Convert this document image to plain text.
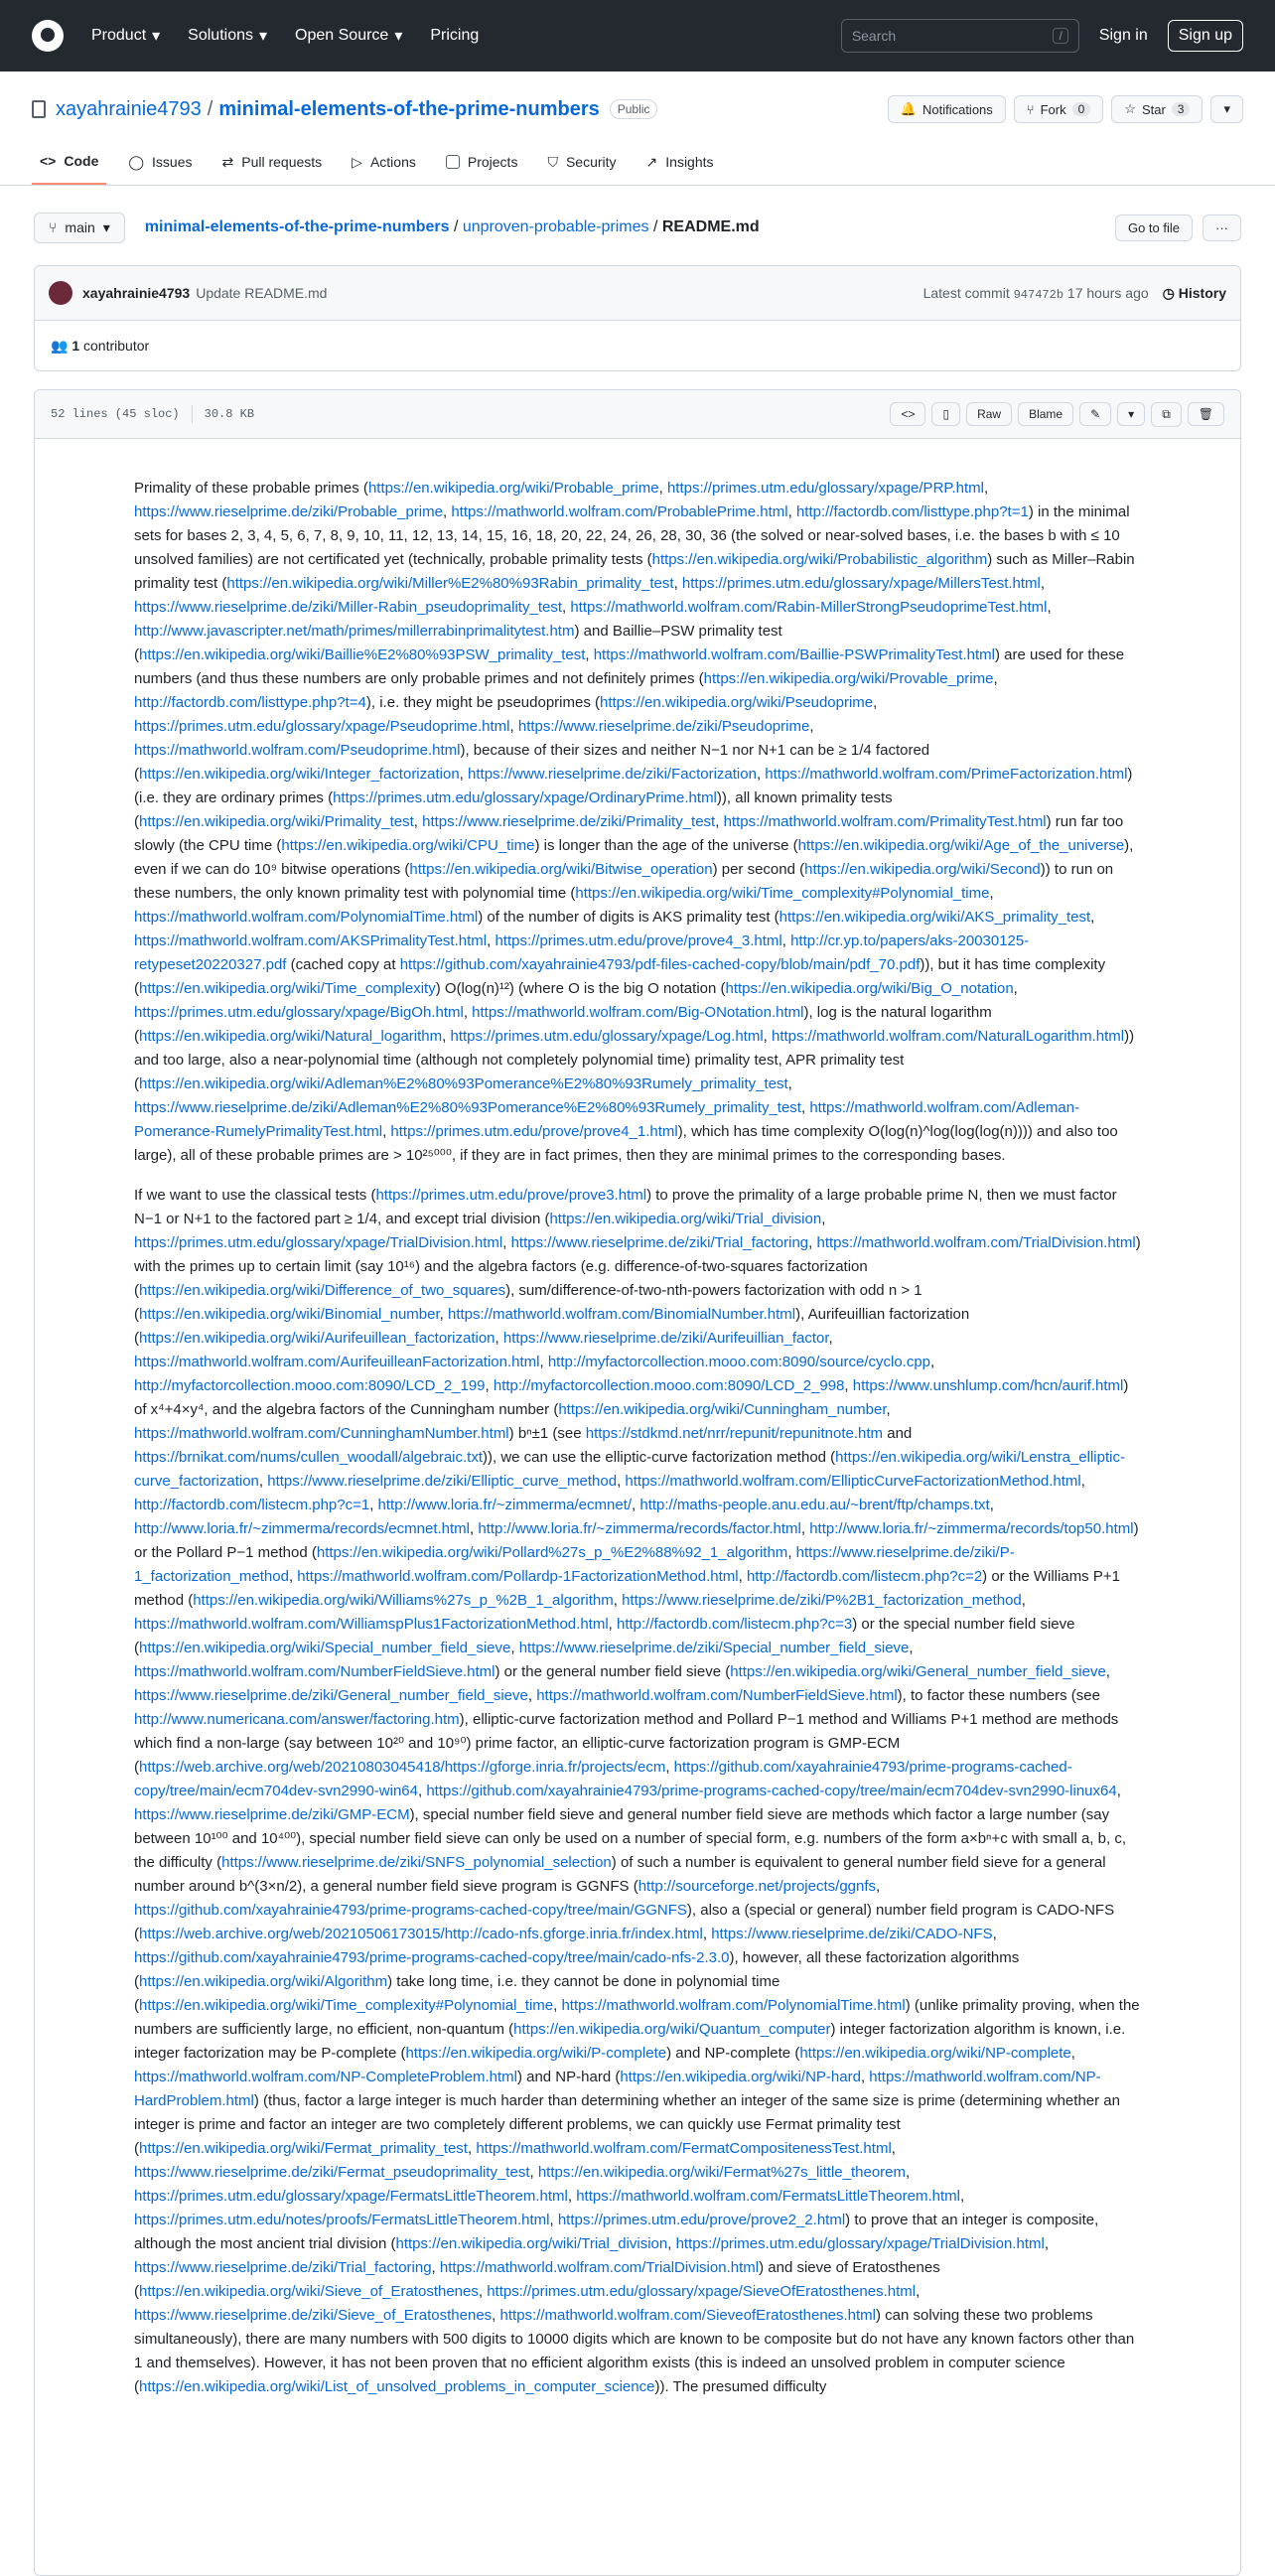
Product ▾ Solutions ▾ Open Source ▾ Pricing	Search	/	Sign in	Sign up
xayahrainie4793 / minimal-elements-of-the-prime-numbers	Public	🔔 Notifications	⑂ Fork	0	☆ Star	3	▾
<> Code ◯ Issues ⇄ Pull requests ▷ Actions	Projects ⛉ Security ↗ Insights
⑂ main ▾ minimal-elements-of-the-prime-numbers / unproven-probable-primes / README.md	Go to file	···
xayahrainie4793 Update README.md	Latest commit 947472b 17 hours ago ◷ History
👥
1
contributor
52 lines (45 sloc) 30.8 KB	<>	▯	Raw	Blame	✎	▾	⧉	🗑

Primality of these probable primes (https://en.wikipedia.org/wiki/Probable_prime, https://primes.utm.edu/glossary/xpage/PRP.html, https://www.rieselprime.de/ziki/Probable_prime, https://mathworld.wolfram.com/ProbablePrime.html, http://factordb.com/listtype.php?t=1) in the minimal sets for bases 2, 3, 4, 5, 6, 7, 8, 9, 10, 11, 12, 13, 14, 15, 16, 18, 20, 22, 24, 26, 28, 30, 36 (the solved or near-solved bases, i.e. the bases b with ≤ 10 unsolved families) are not certificated yet (technically, probable primality tests (https://en.wikipedia.org/wiki/Probabilistic_algorithm) such as Miller–Rabin primality test (https://en.wikipedia.org/wiki/Miller%E2%80%93Rabin_primality_test, https://primes.utm.edu/glossary/xpage/MillersTest.html, https://www.rieselprime.de/ziki/Miller-Rabin_pseudoprimality_test, https://mathworld.wolfram.com/Rabin-MillerStrongPseudoprimeTest.html, http://www.javascripter.net/math/primes/millerrabinprimalitytest.htm) and Baillie–PSW primality test (https://en.wikipedia.org/wiki/Baillie%E2%80%93PSW_primality_test, https://mathworld.wolfram.com/Baillie-PSWPrimalityTest.html) are used for these numbers (and thus these numbers are only probable primes and not definitely primes (https://en.wikipedia.org/wiki/Provable_prime, http://factordb.com/listtype.php?t=4), i.e. they might be pseudoprimes (https://en.wikipedia.org/wiki/Pseudoprime, https://primes.utm.edu/glossary/xpage/Pseudoprime.html, https://www.rieselprime.de/ziki/Pseudoprime, https://mathworld.wolfram.com/Pseudoprime.html), because of their sizes and neither N−1 nor N+1 can be ≥ 1/4 factored (https://en.wikipedia.org/wiki/Integer_factorization, https://www.rieselprime.de/ziki/Factorization, https://mathworld.wolfram.com/PrimeFactorization.html) (i.e. they are ordinary primes (https://primes.utm.edu/glossary/xpage/OrdinaryPrime.html)), all known primality tests (https://en.wikipedia.org/wiki/Primality_test, https://www.rieselprime.de/ziki/Primality_test, https://mathworld.wolfram.com/PrimalityTest.html) run far too slowly (the CPU time (https://en.wikipedia.org/wiki/CPU_time) is longer than the age of the universe (https://en.wikipedia.org/wiki/Age_of_the_universe), even if we can do 10⁹ bitwise operations (https://en.wikipedia.org/wiki/Bitwise_operation) per second (https://en.wikipedia.org/wiki/Second)) to run on these numbers, the only known primality test with polynomial time (https://en.wikipedia.org/wiki/Time_complexity#Polynomial_time, https://mathworld.wolfram.com/PolynomialTime.html) of the number of digits is AKS primality test (https://en.wikipedia.org/wiki/AKS_primality_test, https://mathworld.wolfram.com/AKSPrimalityTest.html, https://primes.utm.edu/prove/prove4_3.html, http://cr.yp.to/papers/aks-20030125-retypeset20220327.pdf (cached copy at https://github.com/xayahrainie4793/pdf-files-cached-copy/blob/main/pdf_70.pdf)), but it has time complexity (https://en.wikipedia.org/wiki/Time_complexity) O(log(n)¹²) (where O is the big O notation (https://en.wikipedia.org/wiki/Big_O_notation, https://primes.utm.edu/glossary/xpage/BigOh.html, https://mathworld.wolfram.com/Big-ONotation.html), log is the natural logarithm (https://en.wikipedia.org/wiki/Natural_logarithm, https://primes.utm.edu/glossary/xpage/Log.html, https://mathworld.wolfram.com/NaturalLogarithm.html)) and too large, also a near-polynomial time (although not completely polynomial time) primality test, APR primality test (https://en.wikipedia.org/wiki/Adleman%E2%80%93Pomerance%E2%80%93Rumely_primality_test, https://www.rieselprime.de/ziki/Adleman%E2%80%93Pomerance%E2%80%93Rumely_primality_test, https://mathworld.wolfram.com/Adleman-Pomerance-RumelyPrimalityTest.html, https://primes.utm.edu/prove/prove4_1.html), which has time complexity O(log(n)^log(log(log(n)))) and also too large), all of these probable primes are > 10²⁵⁰⁰⁰, if they are in fact primes, then they are minimal primes to the corresponding bases.

If we want to use the classical tests (https://primes.utm.edu/prove/prove3.html) to prove the primality of a large probable prime N, then we must factor N−1 or N+1 to the factored part ≥ 1/4, and except trial division (https://en.wikipedia.org/wiki/Trial_division, https://primes.utm.edu/glossary/xpage/TrialDivision.html, https://www.rieselprime.de/ziki/Trial_factoring, https://mathworld.wolfram.com/TrialDivision.html) with the primes up to certain limit (say 10¹⁶) and the algebra factors (e.g. difference-of-two-squares factorization (https://en.wikipedia.org/wiki/Difference_of_two_squares), sum/difference-of-two-nth-powers factorization with odd n > 1 (https://en.wikipedia.org/wiki/Binomial_number, https://mathworld.wolfram.com/BinomialNumber.html), Aurifeuillian factorization (https://en.wikipedia.org/wiki/Aurifeuillean_factorization, https://www.rieselprime.de/ziki/Aurifeuillian_factor, https://mathworld.wolfram.com/AurifeuilleanFactorization.html, http://myfactorcollection.mooo.com:8090/source/cyclo.cpp, http://myfactorcollection.mooo.com:8090/LCD_2_199, http://myfactorcollection.mooo.com:8090/LCD_2_998, https://www.unshlump.com/hcn/aurif.html) of x⁴+4×y⁴, and the algebra factors of the Cunningham number (https://en.wikipedia.org/wiki/Cunningham_number, https://mathworld.wolfram.com/CunninghamNumber.html) bⁿ±1 (see https://stdkmd.net/nrr/repunit/repunitnote.htm and https://brnikat.com/nums/cullen_woodall/algebraic.txt)), we can use the elliptic-curve factorization method (https://en.wikipedia.org/wiki/Lenstra_elliptic-curve_factorization, https://www.rieselprime.de/ziki/Elliptic_curve_method, https://mathworld.wolfram.com/EllipticCurveFactorizationMethod.html, http://factordb.com/listecm.php?c=1, http://www.loria.fr/~zimmerma/ecmnet/, http://maths-people.anu.edu.au/~brent/ftp/champs.txt, http://www.loria.fr/~zimmerma/records/ecmnet.html, http://www.loria.fr/~zimmerma/records/factor.html, http://www.loria.fr/~zimmerma/records/top50.html) or the Pollard P−1 method (https://en.wikipedia.org/wiki/Pollard%27s_p_%E2%88%92_1_algorithm, https://www.rieselprime.de/ziki/P-1_factorization_method, https://mathworld.wolfram.com/Pollardp-1FactorizationMethod.html, http://factordb.com/listecm.php?c=2) or the Williams P+1 method (https://en.wikipedia.org/wiki/Williams%27s_p_%2B_1_algorithm, https://www.rieselprime.de/ziki/P%2B1_factorization_method, https://mathworld.wolfram.com/WilliamspPlus1FactorizationMethod.html, http://factordb.com/listecm.php?c=3) or the special number field sieve (https://en.wikipedia.org/wiki/Special_number_field_sieve, https://www.rieselprime.de/ziki/Special_number_field_sieve, https://mathworld.wolfram.com/NumberFieldSieve.html) or the general number field sieve (https://en.wikipedia.org/wiki/General_number_field_sieve, https://www.rieselprime.de/ziki/General_number_field_sieve, https://mathworld.wolfram.com/NumberFieldSieve.html), to factor these numbers (see http://www.numericana.com/answer/factoring.htm), elliptic-curve factorization method and Pollard P−1 method and Williams P+1 method are methods which find a non-large (say between 10²⁰ and 10⁹⁰) prime factor, an elliptic-curve factorization program is GMP-ECM (https://web.archive.org/web/20210803045418/https://gforge.inria.fr/projects/ecm, https://github.com/xayahrainie4793/prime-programs-cached-copy/tree/main/ecm704dev-svn2990-win64, https://github.com/xayahrainie4793/prime-programs-cached-copy/tree/main/ecm704dev-svn2990-linux64, https://www.rieselprime.de/ziki/GMP-ECM), special number field sieve and general number field sieve are methods which factor a large number (say between 10¹⁰⁰ and 10⁴⁰⁰), special number field sieve can only be used on a number of special form, e.g. numbers of the form a×bⁿ+c with small a, b, c, the difficulty (https://www.rieselprime.de/ziki/SNFS_polynomial_selection) of such a number is equivalent to general number field sieve for a general number around b^(3×n/2), a general number field sieve program is GGNFS (http://sourceforge.net/projects/ggnfs, https://github.com/xayahrainie4793/prime-programs-cached-copy/tree/main/GGNFS), also a (special or general) number field program is CADO-NFS (https://web.archive.org/web/20210506173015/http://cado-nfs.gforge.inria.fr/index.html, https://www.rieselprime.de/ziki/CADO-NFS, https://github.com/xayahrainie4793/prime-programs-cached-copy/tree/main/cado-nfs-2.3.0), however, all these factorization algorithms (https://en.wikipedia.org/wiki/Algorithm) take long time, i.e. they cannot be done in polynomial time (https://en.wikipedia.org/wiki/Time_complexity#Polynomial_time, https://mathworld.wolfram.com/PolynomialTime.html) (unlike primality proving, when the numbers are sufficiently large, no efficient, non-quantum (https://en.wikipedia.org/wiki/Quantum_computer) integer factorization algorithm is known, i.e. integer factorization may be P-complete (https://en.wikipedia.org/wiki/P-complete) and NP-complete (https://en.wikipedia.org/wiki/NP-complete, https://mathworld.wolfram.com/NP-CompleteProblem.html) and NP-hard (https://en.wikipedia.org/wiki/NP-hard, https://mathworld.wolfram.com/NP-HardProblem.html) (thus, factor a large integer is much harder than determining whether an integer of the same size is prime (determining whether an integer is prime and factor an integer are two completely different problems, we can quickly use Fermat primality test (https://en.wikipedia.org/wiki/Fermat_primality_test, https://mathworld.wolfram.com/FermatCompositenessTest.html, https://www.rieselprime.de/ziki/Fermat_pseudoprimality_test, https://en.wikipedia.org/wiki/Fermat%27s_little_theorem, https://primes.utm.edu/glossary/xpage/FermatsLittleTheorem.html, https://mathworld.wolfram.com/FermatsLittleTheorem.html, https://primes.utm.edu/notes/proofs/FermatsLittleTheorem.html, https://primes.utm.edu/prove/prove2_2.html) to prove that an integer is composite, although the most ancient trial division (https://en.wikipedia.org/wiki/Trial_division, https://primes.utm.edu/glossary/xpage/TrialDivision.html, https://www.rieselprime.de/ziki/Trial_factoring, https://mathworld.wolfram.com/TrialDivision.html) and sieve of Eratosthenes (https://en.wikipedia.org/wiki/Sieve_of_Eratosthenes, https://primes.utm.edu/glossary/xpage/SieveOfEratosthenes.html, https://www.rieselprime.de/ziki/Sieve_of_Eratosthenes, https://mathworld.wolfram.com/SieveofEratosthenes.html) can solving these two problems simultaneously), there are many numbers with 500 digits to 10000 digits which are known to be composite but do not have any known factors other than 1 and themselves). However, it has not been proven that no efficient algorithm exists (this is indeed an unsolved problem in computer science (https://en.wikipedia.org/wiki/List_of_unsolved_problems_in_computer_science)). The presumed difficulty
